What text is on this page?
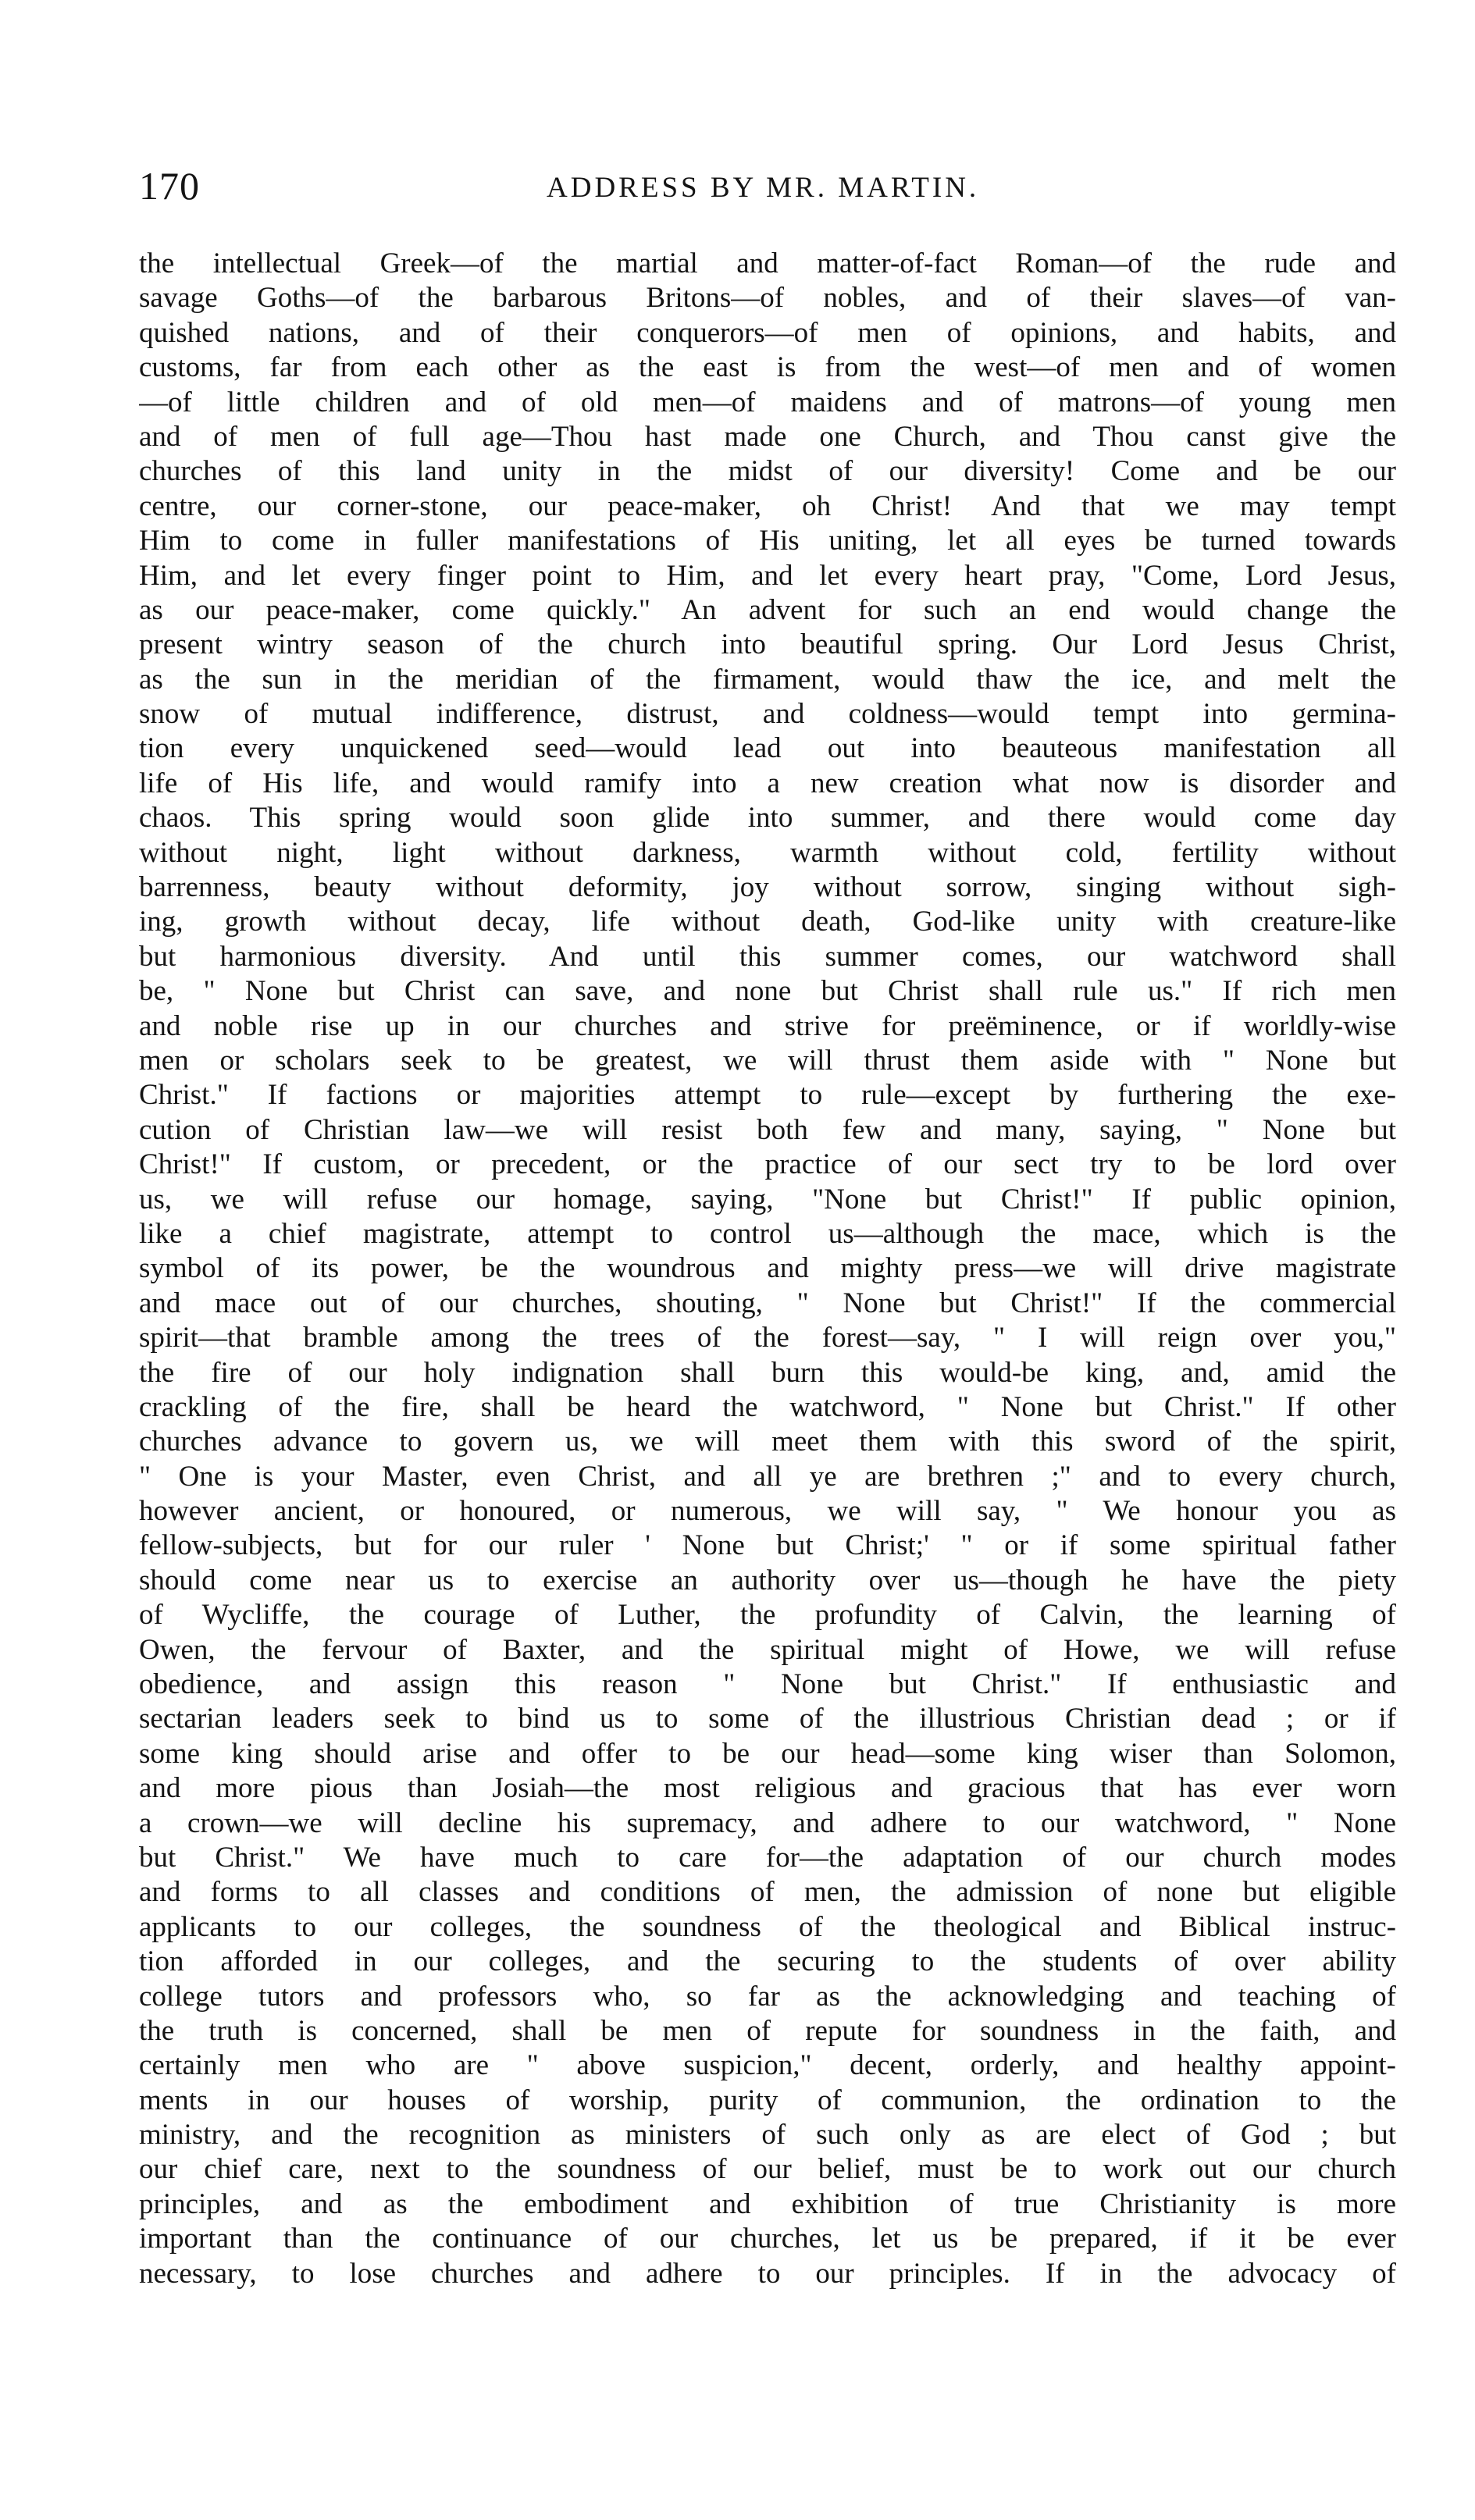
170	ADDRESS BY MR. MARTIN.
the intellectual Greek—of the martial and matter-of-fact Roman—of the rude and
savage Goths—of the barbarous Britons—of nobles, and of their slaves—of van-
quished nations, and of their conquerors—of men of opinions, and habits, and
customs, far from each other as the east is from the west—of men and of women
—of little children and of old men—of maidens and of matrons—of young men
and of men of full age—Thou hast made one Church, and Thou canst give the
churches of this land unity in the midst of our diversity! Come and be our
centre, our corner-stone, our peace-maker, oh Christ! And that we may tempt
Him to come in fuller manifestations of His uniting, let all eyes be turned towards
Him, and let every finger point to Him, and let every heart pray, "Come, Lord Jesus,
as our peace-maker, come quickly." An advent for such an end would change the
present wintry season of the church into beautiful spring. Our Lord Jesus Christ,
as the sun in the meridian of the firmament, would thaw the ice, and melt the
snow of mutual indifference, distrust, and coldness—would tempt into germina-
tion every unquickened seed—would lead out into beauteous manifestation all
life of His life, and would ramify into a new creation what now is disorder and
chaos. This spring would soon glide into summer, and there would come day
without night, light without darkness, warmth without cold, fertility without
barrenness, beauty without deformity, joy without sorrow, singing without sigh-
ing, growth without decay, life without death, God-like unity with creature-like
but harmonious diversity. And until this summer comes, our watchword shall
be, " None but Christ can save, and none but Christ shall rule us." If rich men
and noble rise up in our churches and strive for preëminence, or if worldly-wise
men or scholars seek to be greatest, we will thrust them aside with " None but
Christ." If factions or majorities attempt to rule—except by furthering the exe-
cution of Christian law—we will resist both few and many, saying, " None but
Christ!" If custom, or precedent, or the practice of our sect try to be lord over
us, we will refuse our homage, saying, "None but Christ!" If public opinion,
like a chief magistrate, attempt to control us—although the mace, which is the
symbol of its power, be the woundrous and mighty press—we will drive magistrate
and mace out of our churches, shouting, " None but Christ!" If the commercial
spirit—that bramble among the trees of the forest—say, " I will reign over you,"
the fire of our holy indignation shall burn this would-be king, and, amid the
crackling of the fire, shall be heard the watchword, " None but Christ." If other
churches advance to govern us, we will meet them with this sword of the spirit,
" One is your Master, even Christ, and all ye are brethren ;" and to every church,
however ancient, or honoured, or numerous, we will say, " We honour you as
fellow-subjects, but for our ruler ' None but Christ;' " or if some spiritual father
should come near us to exercise an authority over us—though he have the piety
of Wycliffe, the courage of Luther, the profundity of Calvin, the learning of
Owen, the fervour of Baxter, and the spiritual might of Howe, we will refuse
obedience, and assign this reason " None but Christ." If enthusiastic and
sectarian leaders seek to bind us to some of the illustrious Christian dead ; or if
some king should arise and offer to be our head—some king wiser than Solomon,
and more pious than Josiah—the most religious and gracious that has ever worn
a crown—we will decline his supremacy, and adhere to our watchword, " None
but Christ." We have much to care for—the adaptation of our church modes
and forms to all classes and conditions of men, the admission of none but eligible
applicants to our colleges, the soundness of the theological and Biblical instruc-
tion afforded in our colleges, and the securing to the students of over ability
college tutors and professors who, so far as the acknowledging and teaching of
the truth is concerned, shall be men of repute for soundness in the faith, and
certainly men who are " above suspicion," decent, orderly, and healthy appoint-
ments in our houses of worship, purity of communion, the ordination to the
ministry, and the recognition as ministers of such only as are elect of God ; but
our chief care, next to the soundness of our belief, must be to work out our church
principles, and as the embodiment and exhibition of true Christianity is more
important than the continuance of our churches, let us be prepared, if it be ever
necessary, to lose churches and adhere to our principles. If in the advocacy of
